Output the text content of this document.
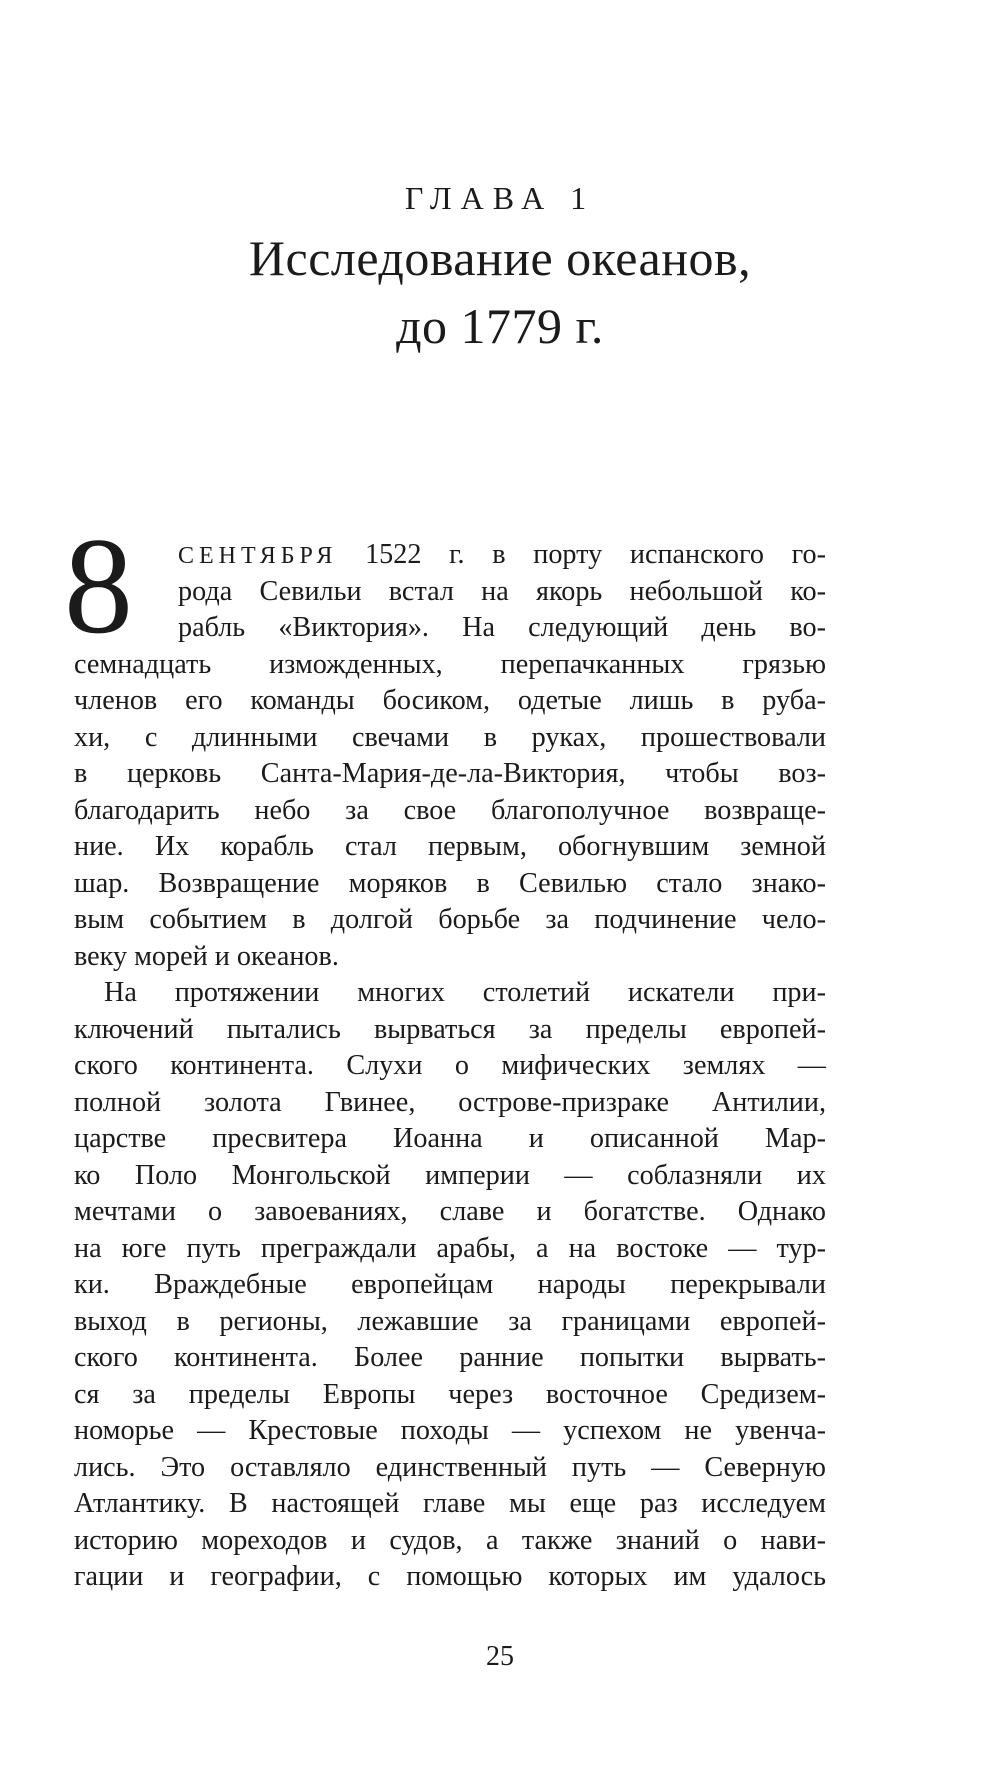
ГЛАВА 1
Исследование океанов,
до 1779 г.
8	СЕНТЯБРЯ 1522 г. в порту испанского го-
рода Севильи встал на якорь небольшой ко-
рабль «Виктория». На следующий день во-
семнадцать изможденных, перепачканных грязью
членов его команды босиком, одетые лишь в руба-
хи, с длинными свечами в руках, прошествовали
в церковь Санта-Мария-де-ла-Виктория, чтобы воз-
благодарить небо за свое благополучное возвраще-
ние. Их корабль стал первым, обогнувшим земной
шар. Возвращение моряков в Севилью стало знако-
вым событием в долгой борьбе за подчинение чело-
веку морей и океанов.
На протяжении многих столетий искатели при-
ключений пытались вырваться за пределы европей-
ского континента. Слухи о мифических землях —
полной золота Гвинее, острове-призраке Антилии,
царстве пресвитера Иоанна и описанной Мар-
ко Поло Монгольской империи — соблазняли их
мечтами о завоеваниях, славе и богатстве. Однако
на юге путь преграждали арабы, а на востоке — тур-
ки. Враждебные европейцам народы перекрывали
выход в регионы, лежавшие за границами европей-
ского континента. Более ранние попытки вырвать-
ся за пределы Европы через восточное Средизем-
номорье — Крестовые походы — успехом не увенча-
лись. Это оставляло единственный путь — Северную
Атлантику. В настоящей главе мы еще раз исследуем
историю мореходов и судов, а также знаний о нави-
гации и географии, с помощью которых им удалось
25
